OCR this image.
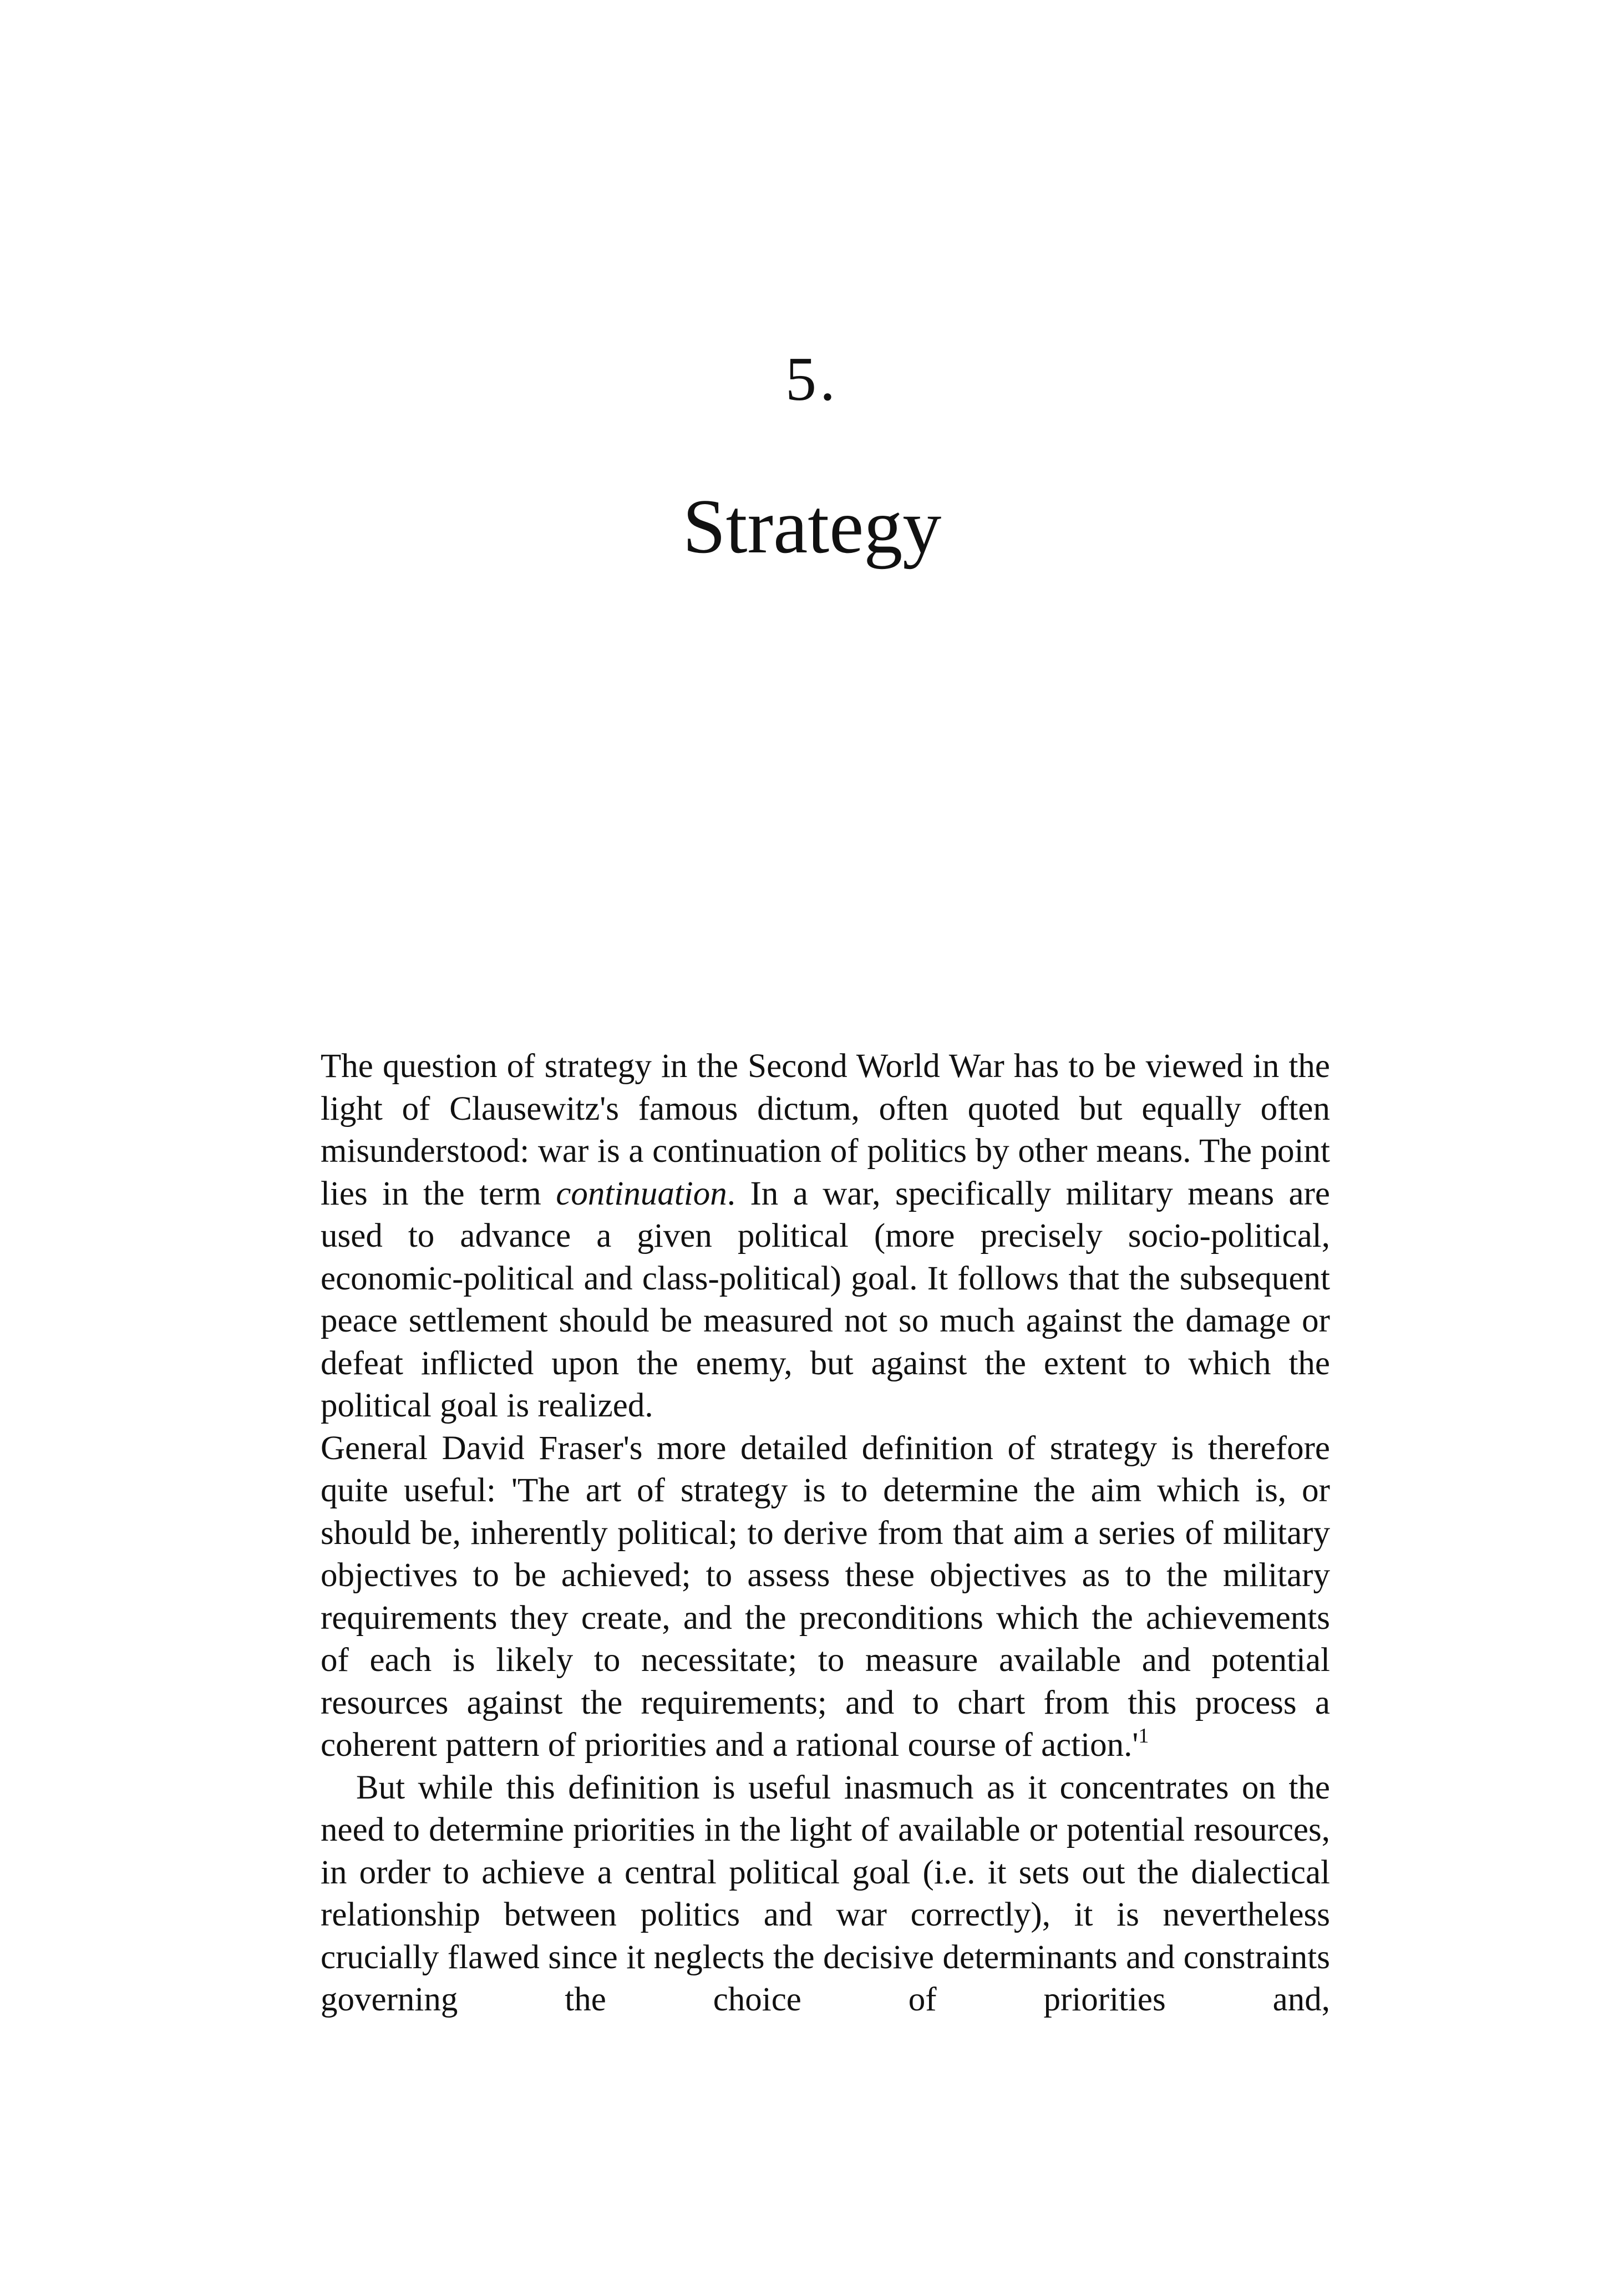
5.
Strategy

The question of strategy in the Second World War has to be viewed in the light of Clausewitz's famous dictum, often quoted but equally often misunderstood: war is a continuation of politics by other means. The point lies in the term continuation. In a war, specifically military means are used to advance a given political (more precisely socio-political, economic-political and class-political) goal. It follows that the subsequent peace settlement should be measured not so much against the damage or defeat inflicted upon the enemy, but against the extent to which the political goal is realized.

General David Fraser's more detailed definition of strategy is therefore quite useful: 'The art of strategy is to determine the aim which is, or should be, inherently political; to derive from that aim a series of military objectives to be achieved; to assess these objectives as to the military requirements they create, and the preconditions which the achievements of each is likely to necessitate; to measure available and potential resources against the requirements; and to chart from this process a coherent pattern of priorities and a rational course of action.'$^1$

But while this definition is useful inasmuch as it concentrates on the need to determine priorities in the light of available or potential resources, in order to achieve a central political goal (i.e. it sets out the dialectical relationship between politics and war correctly), it is nevertheless crucially flawed since it neglects the decisive determinants and constraints governing the choice of priorities and,
